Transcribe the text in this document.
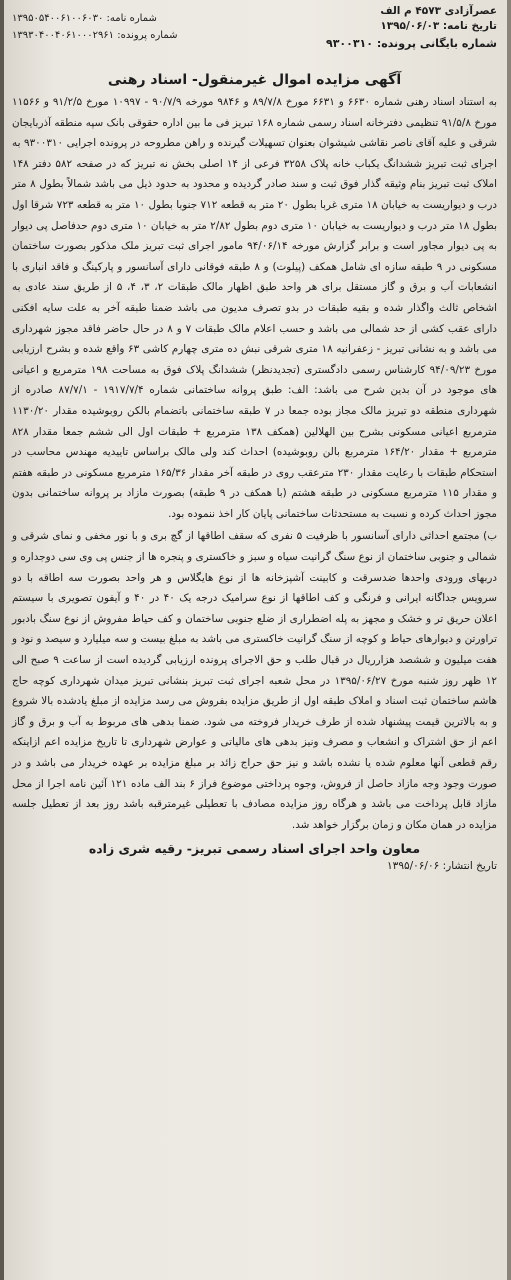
عصرآزادی ۴۵۷۳ م الف
تاریخ نامه: ۱۳۹۵/۰۶/۰۳
شماره بایگانی پرونده: ۹۳۰۰۳۱۰
شماره نامه: ۱۳۹۵۰۵۴۰۰۶۱۰۰۶۰۳۰
شماره پرونده: ۱۳۹۳۰۴۰۰۴۰۶۱۰۰۰۲۹۶۱
آگهی مزایده اموال غیرمنقول- اسناد رهنی

به استناد اسناد رهنی شماره ۶۶۳۰ و ۶۶۳۱ مورخ ۸۹/۷/۸ و ۹۸۴۶ مورخه ۹۰/۷/۹ - ۱۰۹۹۷ مورخ ۹۱/۲/۵ و ۱۱۵۶۶ مورخ ۹۱/۵/۸ تنظیمی دفترخانه اسناد رسمی شماره ۱۶۸ تبریز فی ما بین اداره حقوقی بانک سپه منطقه آذربایجان شرقی و علیه آقای ناصر نقاشی شیشوان بعنوان تسهیلات گیرنده و راهن مطروحه در پرونده اجرایی ۹۳۰۰۳۱۰ به اجرای ثبت تبریز ششدانگ یکباب خانه پلاک ۳۲۵۸ فرعی از ۱۴ اصلی بخش نه تبریز که در صفحه ۵۸۲ دفتر ۱۴۸ املاک ثبت تبریز بنام وثیقه گذار فوق ثبت و سند صادر گردیده و محدود به حدود ذیل می باشد شمالاً بطول ۸ متر درب و دیواریست به خیابان ۱۸ متری غربا بطول ۲۰ متر به قطعه ۷۱۲ جنوبا بطول ۱۰ متر به قطعه ۷۲۳ شرقا اول بطول ۱۸ متر درب و دیواریست به خیابان ۱۰ متری دوم بطول ۲/۸۲ متر به خیابان ۱۰ متری دوم حدفاصل پی دیوار به پی دیوار مجاور است و برابر گزارش مورخه ۹۴/۰۶/۱۴ مامور اجرای ثبت تبریز ملک مذکور بصورت ساختمان مسکونی در ۹ طبقه سازه ای شامل همکف (پیلوت) و ۸ طبقه فوقانی دارای آسانسور و پارکینگ و فاقد انباری با انشعابات آب و برق و گاز مستقل برای هر واحد طبق اظهار مالک طبقات ۲، ۳، ۴، ۵ از طریق سند عادی به اشخاص ثالث واگذار شده و بقیه طبقات در بدو تصرف مدیون می باشد ضمنا طبقه آخر به علت سایه افکنی دارای عقب کشی از حد شمالی می باشد و حسب اعلام مالک طبقات ۷ و ۸ در حال حاضر فاقد مجوز شهرداری می باشد و به نشانی تبریز - زعفرانیه ۱۸ متری شرقی نبش ده متری چهارم کاشی ۶۳ واقع شده و بشرح ارزیابی مورخ ۹۴/۰۹/۲۳ کارشناس رسمی دادگستری (تجدیدنظر) ششدانگ پلاک فوق به مساحت ۱۹۸ مترمربع و اعیانی های موجود در آن بدین شرح می باشد: الف: طبق پروانه ساختمانی شماره ۱۹۱۷/۷/۴ - ۸۷/۷/۱ صادره از شهرداری منطقه دو تبریز مالک مجاز بوده جمعا در ۷ طبقه ساختمانی باتضمام بالکن روبوشیده مقدار ۱۱۳۰/۲۰ مترمربع اعیانی مسکونی بشرح بین الهلالین (همکف ۱۳۸ مترمربع + طبقات اول الی ششم جمعا مقدار ۸۲۸ مترمربع + مقدار ۱۶۴/۲۰ مترمربع بالن روبوشیده) احداث کند ولی مالک براساس تاییدیه مهندس محاسب در استحکام طبقات با رعایت مقدار ۲۳۰ مترعقب روی در طبقه آخر مقدار ۱۶۵/۳۶ مترمربع مسکونی در طبقه هفتم و مقدار ۱۱۵ مترمربع مسکونی در طبقه هشتم (با همکف در ۹ طبقه) بصورت مازاد بر پروانه ساختمانی بدون مجوز احداث کرده و نسبت به مستحدثات ساختمانی پایان کار اخذ ننموده بود.

ب) مجتمع احداثی دارای آسانسور با ظرفیت ۵ نفری که سقف اطاقها از گچ بری و با نور مخفی و نمای شرقی و شمالی و جنوبی ساختمان از نوع سنگ گرانیت سیاه و سبز و خاکستری و پنجره ها از جنس پی وی سی دوجداره و دربهای ورودی واحدها ضدسرقت و کابینت آشپزخانه ها از نوع هایگلاس و هر واحد بصورت سه اطاقه با دو سرویس جداگانه ایرانی و فرنگی و کف اطاقها از نوع سرامیک درجه یک ۴۰ در ۴۰ و آیفون تصویری با سیستم اعلان حریق تر و خشک و مجهز به پله اضطراری از ضلع جنوبی ساختمان و کف حیاط مفروش از نوع سنگ بادبور تراورتن و دیوارهای حیاط و کوچه از سنگ گرانیت خاکستری می باشد به مبلغ بیست و سه میلیارد و سیصد و نود و هفت میلیون و ششصد هزارریال در قبال طلب و حق الاجرای پرونده ارزیابی گردیده است از ساعت ۹ صبح الی ۱۲ ظهر روز شنبه مورخ ۱۳۹۵/۰۶/۲۷ در محل شعبه اجرای ثبت تبریز بنشانی تبریز میدان شهرداری کوچه حاج هاشم ساختمان ثبت اسناد و املاک طبقه اول از طریق مزایده بفروش می رسد مزایده از مبلغ یادشده بالا شروع و به بالاترین قیمت پیشنهاد شده از طرف خریدار فروخته می شود. ضمنا بدهی های مربوط به آب و برق و گاز اعم از حق اشتراک و انشعاب و مصرف ونیز بدهی های مالیاتی و عوارض شهرداری تا تاریخ مزایده اعم ازاینکه رقم قطعی آنها معلوم شده یا نشده باشد و نیز حق حراج زائد بر مبلغ مزایده بر عهده خریدار می باشد و در صورت وجود وجه مازاد حاصل از فروش، وجوه پرداختی موضوع فراز ۶ بند الف ماده ۱۲۱ آئین نامه اجرا از محل مازاد قابل پرداخت می باشد و هرگاه روز مزایده مصادف با تعطیلی غیرمترقبه باشد روز بعد از تعطیل جلسه مزایده در همان مکان و زمان برگزار خواهد شد.

معاون واحد اجرای اسناد رسمی تبریز- رقیه شری زاده
تاریخ انتشار: ۱۳۹۵/۰۶/۰۶
